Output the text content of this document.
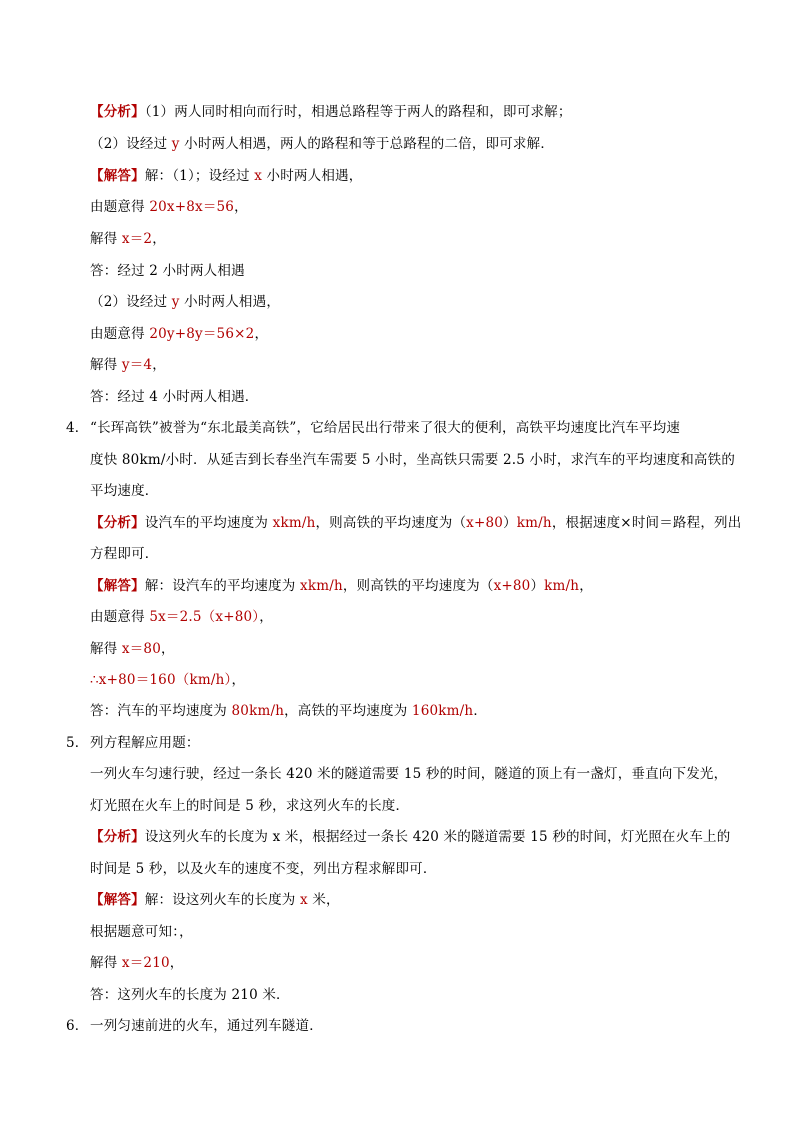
【分析】（1）两人同时相向而行时，相遇总路程等于两人的路程和，即可求解；
（2）设经过 y 小时两人相遇，两人的路程和等于总路程的二倍，即可求解．
【解答】解：（1）；设经过 x 小时两人相遇，
由题意得 20x+8x＝56，
解得 x＝2，
答：经过 2 小时两人相遇
（2）设经过 y 小时两人相遇，
由题意得 20y+8y＝56×2，
解得 y＝4，
答：经过 4 小时两人相遇．
4． “长珲高铁”被誉为“东北最美高铁”，它给居民出行带来了很大的便利，高铁平均速度比汽车平均速
度快 80km/小时．从延吉到长春坐汽车需要 5 小时，坐高铁只需要 2.5 小时，求汽车的平均速度和高铁的
平均速度．
【分析】设汽车的平均速度为 xkm/h，则高铁的平均速度为（x+80）km/h，根据速度×时间＝路程，列出
方程即可．
【解答】解：设汽车的平均速度为 xkm/h，则高铁的平均速度为（x+80）km/h，
由题意得 5x＝2.5（x+80），
解得 x＝80，
∴x+80＝160（km/h），
答：汽车的平均速度为 80km/h，高铁的平均速度为 160km/h．
5． 列方程解应用题：
一列火车匀速行驶，经过一条长 420 米的隧道需要 15 秒的时间，隧道的顶上有一盏灯，垂直向下发光，
灯光照在火车上的时间是 5 秒，求这列火车的长度．
【分析】设这列火车的长度为 x 米，根据经过一条长 420 米的隧道需要 15 秒的时间，灯光照在火车上的
时间是 5 秒，以及火车的速度不变，列出方程求解即可．
【解答】解：设这列火车的长度为 x 米，
根据题意可知：，
解得 x＝210，
答：这列火车的长度为 210 米．
6． 一列匀速前进的火车，通过列车隧道．
